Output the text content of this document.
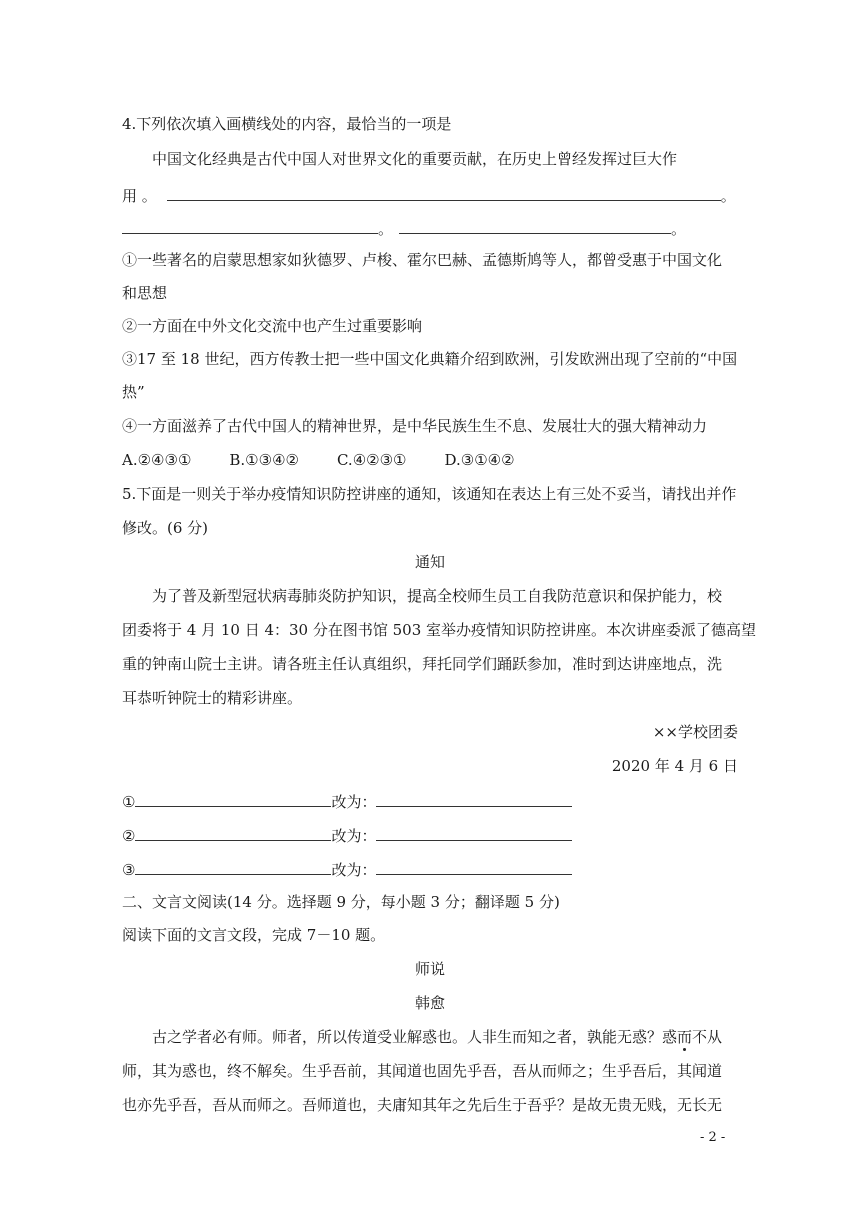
4.下列依次填入画横线处的内容，最恰当的一项是
中国文化经典是古代中国人对世界文化的重要贡献，在历史上曾经发挥过巨大作
用 。	。
。	。
①一些著名的启蒙思想家如狄德罗、卢梭、霍尔巴赫、孟德斯鸠等人，都曾受惠于中国文化
和思想
②一方面在中外文化交流中也产生过重要影响
③17 至 18 世纪，西方传教士把一些中国文化典籍介绍到欧洲，引发欧洲出现了空前的“中国
热”
④一方面滋养了古代中国人的精神世界，是中华民族生生不息、发展壮大的强大精神动力
A.②④③①	B.①③④②	C.④②③①	D.③①④②
5.下面是一则关于举办疫情知识防控讲座的通知，该通知在表达上有三处不妥当，请找出并作
修改。(6 分)
通知
为了普及新型冠状病毒肺炎防护知识，提高全校师生员工自我防范意识和保护能力，校
团委将于 4 月 10 日 4：30 分在图书馆 503 室举办疫情知识防控讲座。本次讲座委派了德高望
重的钟南山院士主讲。请各班主任认真组织，拜托同学们踊跃参加，准时到达讲座地点，洗
耳恭听钟院士的精彩讲座。
××学校团委
2020 年 4 月 6 日
①	改为：
②	改为：
③	改为：
二、文言文阅读(14 分。选择题 9 分，每小题 3 分；翻译题 5 分)
阅读下面的文言文段，完成 7－10 题。
师说
韩愈
古之学者必有师。师者，所以传道受业解惑也。人非生而知之者，孰能无惑？惑而不从
师，其为惑也，终不解矣。生乎吾前，其闻道也固先乎吾，吾从而师之；生乎吾后，其闻道
也亦先乎吾，吾从而师之。吾师道也，夫庸知其年之先后生于吾乎？是故无贵无贱，无长无
- 2 -
